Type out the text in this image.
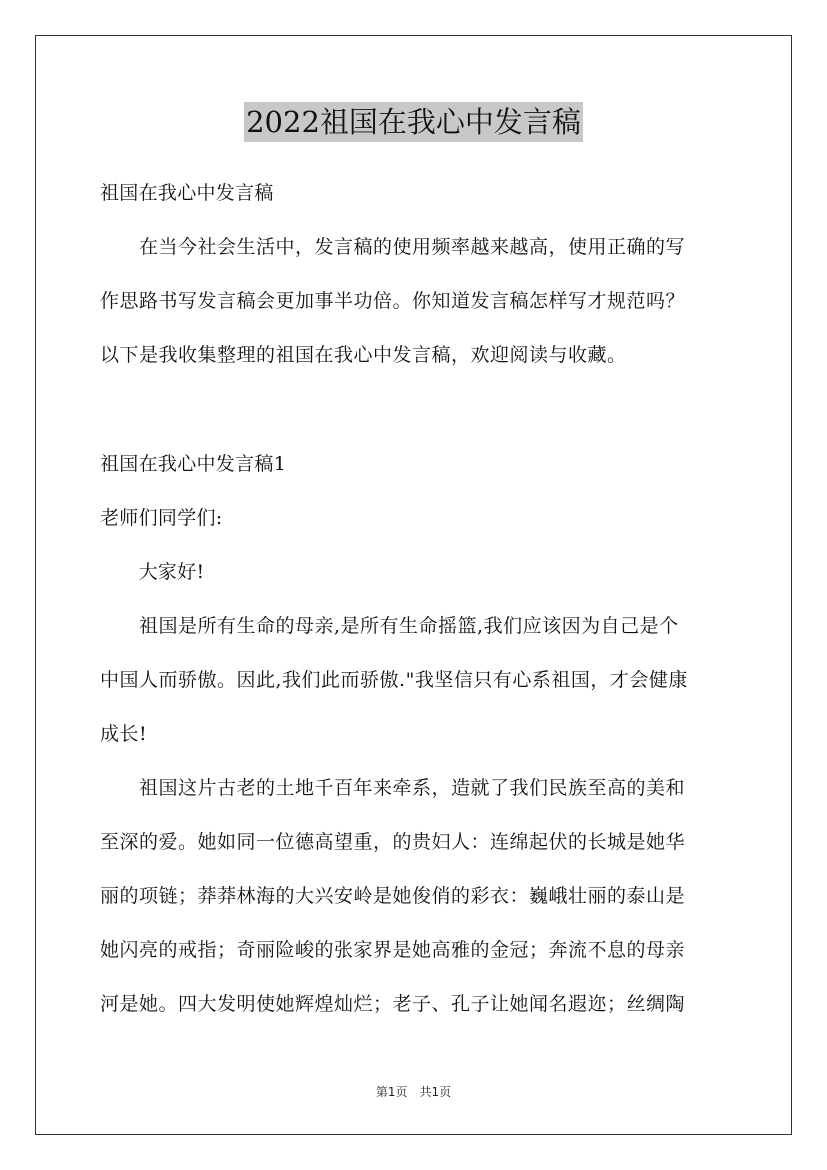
2022祖国在我心中发言稿
祖国在我心中发言稿
　　在当今社会生活中，发言稿的使用频率越来越高，使用正确的写
作思路书写发言稿会更加事半功倍。你知道发言稿怎样写才规范吗？
以下是我收集整理的祖国在我心中发言稿，欢迎阅读与收藏。
祖国在我心中发言稿1
老师们同学们:
　　大家好!
　　祖国是所有生命的母亲,是所有生命摇篮,我们应该因为自己是个
中国人而骄傲。因此,我们此而骄傲."我坚信只有心系祖国，才会健康
成长!
　　祖国这片古老的土地千百年来牵系，造就了我们民族至高的美和
至深的爱。她如同一位德高望重，的贵妇人：连绵起伏的长城是她华
丽的项链；莽莽林海的大兴安岭是她俊俏的彩衣：巍峨壮丽的泰山是
她闪亮的戒指；奇丽险峻的张家界是她高雅的金冠；奔流不息的母亲
河是她。四大发明使她辉煌灿烂；老子、孔子让她闻名遐迩；丝绸陶
第1页　共1页
